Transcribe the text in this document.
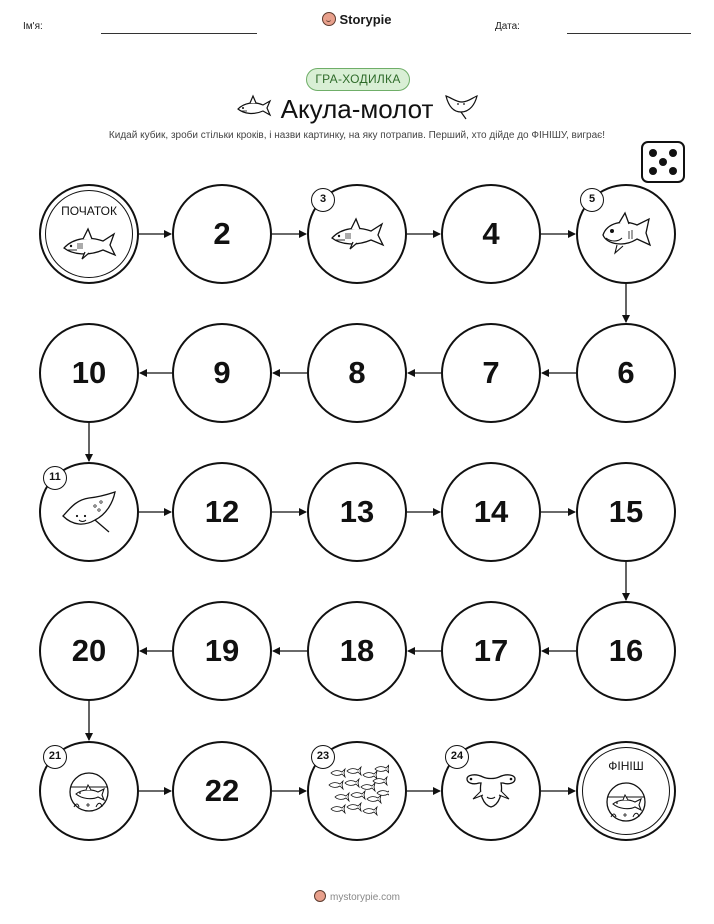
Ім'я:	Дата:
Storypie
ГРА-ХОДИЛКА
Акула-молот
Кидай кубик, зроби стільки кроків, і назви картинку, на яку потрапив. Перший, хто дійде до ФІНІШУ, виграє!
ПОЧАТОК
2
3
4
5
6
7
8
9
10
11
12	13	14	15
16
17
18
19
20
21
22
23	24
ФІНІШ
mystorypie.com
